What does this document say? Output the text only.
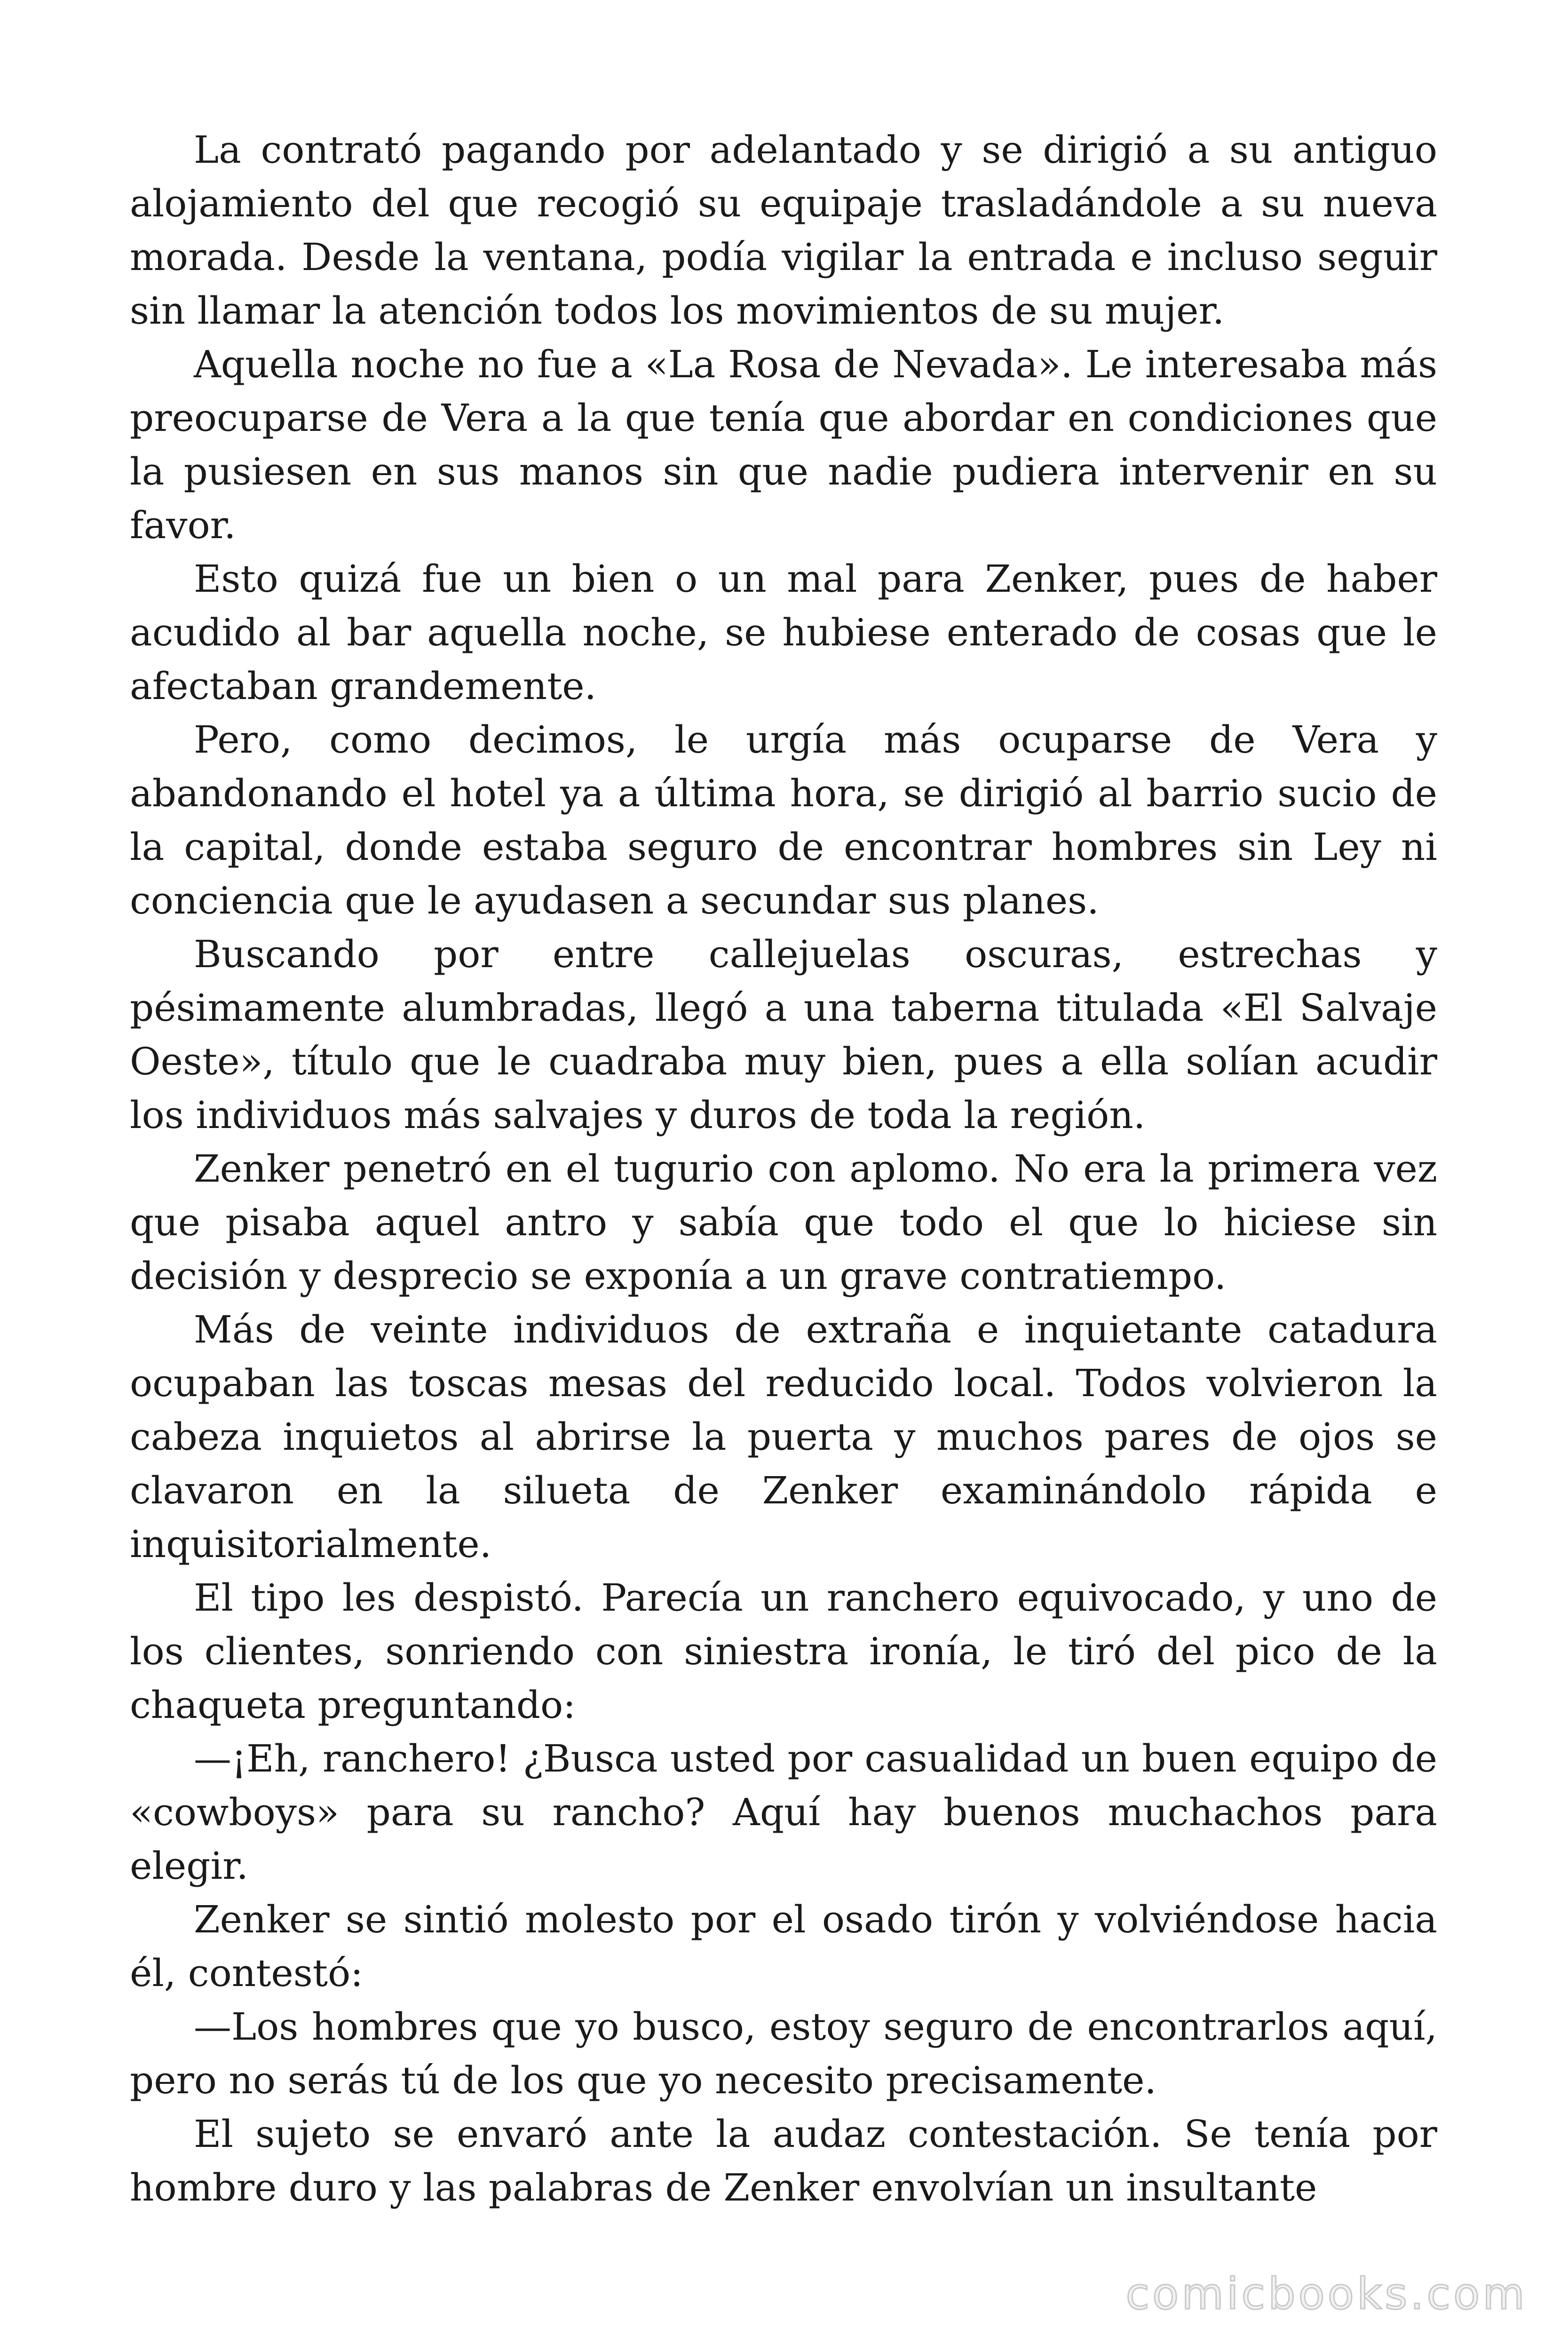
La contrató pagando por adelantado y se dirigió a su antiguo alojamiento del que recogió su equipaje trasladándole a su nueva morada. Desde la ventana, podía vigilar la entrada e incluso seguir sin llamar la atención todos los movimientos de su mujer.

Aquella noche no fue a «La Rosa de Nevada». Le interesaba más preocuparse de Vera a la que tenía que abordar en condiciones que la pusiesen en sus manos sin que nadie pudiera intervenir en su favor.

Esto quizá fue un bien o un mal para Zenker, pues de haber acudido al bar aquella noche, se hubiese enterado de cosas que le afectaban grandemente.

Pero, como decimos, le urgía más ocuparse de Vera y abandonando el hotel ya a última hora, se dirigió al barrio sucio de la capital, donde estaba seguro de encontrar hombres sin Ley ni conciencia que le ayudasen a secundar sus planes.

Buscando por entre callejuelas oscuras, estrechas y pésimamente alumbradas, llegó a una taberna titulada «El Salvaje Oeste», título que le cuadraba muy bien, pues a ella solían acudir los individuos más salvajes y duros de toda la región.

Zenker penetró en el tugurio con aplomo. No era la primera vez que pisaba aquel antro y sabía que todo el que lo hiciese sin decisión y desprecio se exponía a un grave contratiempo.

Más de veinte individuos de extraña e inquietante catadura ocupaban las toscas mesas del reducido local. Todos volvieron la cabeza inquietos al abrirse la puerta y muchos pares de ojos se clavaron en la silueta de Zenker examinándolo rápida e inquisitorialmente.

El tipo les despistó. Parecía un ranchero equivocado, y uno de los clientes, sonriendo con siniestra ironía, le tiró del pico de la chaqueta preguntando:

—¡Eh, ranchero! ¿Busca usted por casualidad un buen equipo de «cowboys» para su rancho? Aquí hay buenos muchachos para elegir.

Zenker se sintió molesto por el osado tirón y volviéndose hacia él, contestó:

—Los hombres que yo busco, estoy seguro de encontrarlos aquí, pero no serás tú de los que yo necesito precisamente.

El sujeto se envaró ante la audaz contestación. Se tenía por hombre duro y las palabras de Zenker envolvían un insultante

comicbooks.com
